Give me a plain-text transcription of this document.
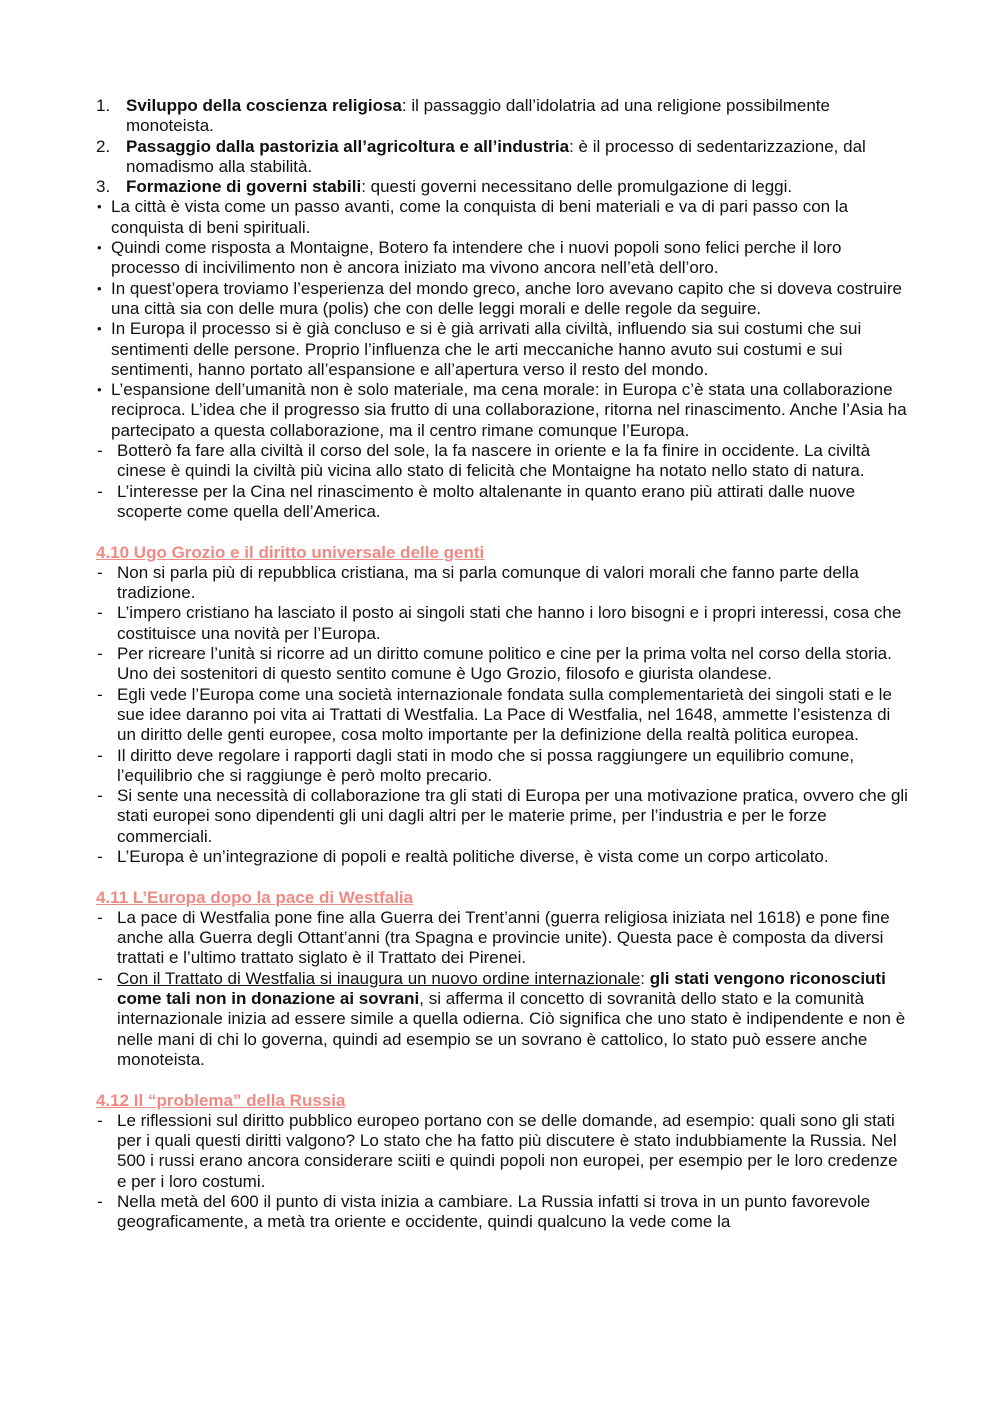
1. Sviluppo della coscienza religiosa: il passaggio dall’idolatria ad una religione possibilmente monoteista.
2. Passaggio dalla pastorizia all’agricoltura e all’industria: è il processo di sedentarizzazione, dal nomadismo alla stabilità.
3. Formazione di governi stabili: questi governi necessitano delle promulgazione di leggi.
• La città è vista come un passo avanti, come la conquista di beni materiali e va di pari passo con la conquista di beni spirituali.
• Quindi come risposta a Montaigne, Botero fa intendere che i nuovi popoli sono felici perche il loro processo di incivilimento non è ancora iniziato ma vivono ancora nell’età dell’oro.
• In quest’opera troviamo l’esperienza del mondo greco, anche loro avevano capito che si doveva costruire una città sia con delle mura (polis) che con delle leggi morali e delle regole da seguire.
• In Europa il processo si è già concluso e si è già arrivati alla civiltà, influendo sia sui costumi che sui sentimenti delle persone. Proprio l’influenza che le arti meccaniche hanno avuto sui costumi e sui sentimenti, hanno portato all’espansione e all’apertura verso il resto del mondo.
• L’espansione dell’umanità non è solo materiale, ma cena morale: in Europa c’è stata una collaborazione reciproca. L’idea che il progresso sia frutto di una collaborazione, ritorna nel rinascimento. Anche l’Asia ha partecipato a questa collaborazione, ma il centro rimane comunque l’Europa.
- Botterò fa fare alla civiltà il corso del sole, la fa nascere in oriente e la fa finire in occidente. La civiltà cinese è quindi la civiltà più vicina allo stato di felicità che Montaigne ha notato nello stato di natura.
- L’interesse per la Cina nel rinascimento è molto altalenante in quanto erano più attirati dalle nuove scoperte come quella dell’America.
4.10 Ugo Grozio e il diritto universale delle genti
- Non si parla più di repubblica cristiana, ma si parla comunque di valori morali che fanno parte della tradizione.
- L’impero cristiano ha lasciato il posto ai singoli stati che hanno i loro bisogni e i propri interessi, cosa che costituisce una novità per l’Europa.
- Per ricreare l’unità si ricorre ad un diritto comune politico e cine per la prima volta nel corso della storia. Uno dei sostenitori di questo sentito comune è Ugo Grozio, filosofo e giurista olandese.
- Egli vede l’Europa come una società internazionale fondata sulla complementarietà dei singoli stati e le sue idee daranno poi vita ai Trattati di Westfalia. La Pace di Westfalia, nel 1648, ammette l’esistenza di un diritto delle genti europee, cosa molto importante per la definizione della realtà politica europea.
- Il diritto deve regolare i rapporti dagli stati in modo che si possa raggiungere un equilibrio comune, l’equilibrio che si raggiunge è però molto precario.
- Si sente una necessità di collaborazione tra gli stati di Europa per una motivazione pratica, ovvero che gli stati europei sono dipendenti gli uni dagli altri per le materie prime, per l’industria e per le forze commerciali.
- L’Europa è un’integrazione di popoli e realtà politiche diverse, è vista come un corpo articolato.
4.11 L’Europa dopo la pace di Westfalia
- La pace di Westfalia pone fine alla Guerra dei Trent’anni (guerra religiosa iniziata nel 1618) e pone fine anche alla Guerra degli Ottant’anni (tra Spagna e provincie unite). Questa pace è composta da diversi trattati e l’ultimo trattato siglato è il Trattato dei Pirenei.
- Con il Trattato di Westfalia si inaugura un nuovo ordine internazionale: gli stati vengono riconosciuti come tali non in donazione ai sovrani, si afferma il concetto di sovranità dello stato e la comunità internazionale inizia ad essere simile a quella odierna. Ciò significa che uno stato è indipendente e non è nelle mani di chi lo governa, quindi ad esempio se un sovrano è cattolico, lo stato può essere anche monoteista.
4.12 Il “problema” della Russia
- Le riflessioni sul diritto pubblico europeo portano con se delle domande, ad esempio: quali sono gli stati per i quali questi diritti valgono? Lo stato che ha fatto più discutere è stato indubbiamente la Russia. Nel 500 i russi erano ancora considerare sciiti e quindi popoli non europei, per esempio per le loro credenze e per i loro costumi.
- Nella metà del 600 il punto di vista inizia a cambiare. La Russia infatti si trova in un punto favorevole geograficamente, a metà tra oriente e occidente, quindi qualcuno la vede come la
